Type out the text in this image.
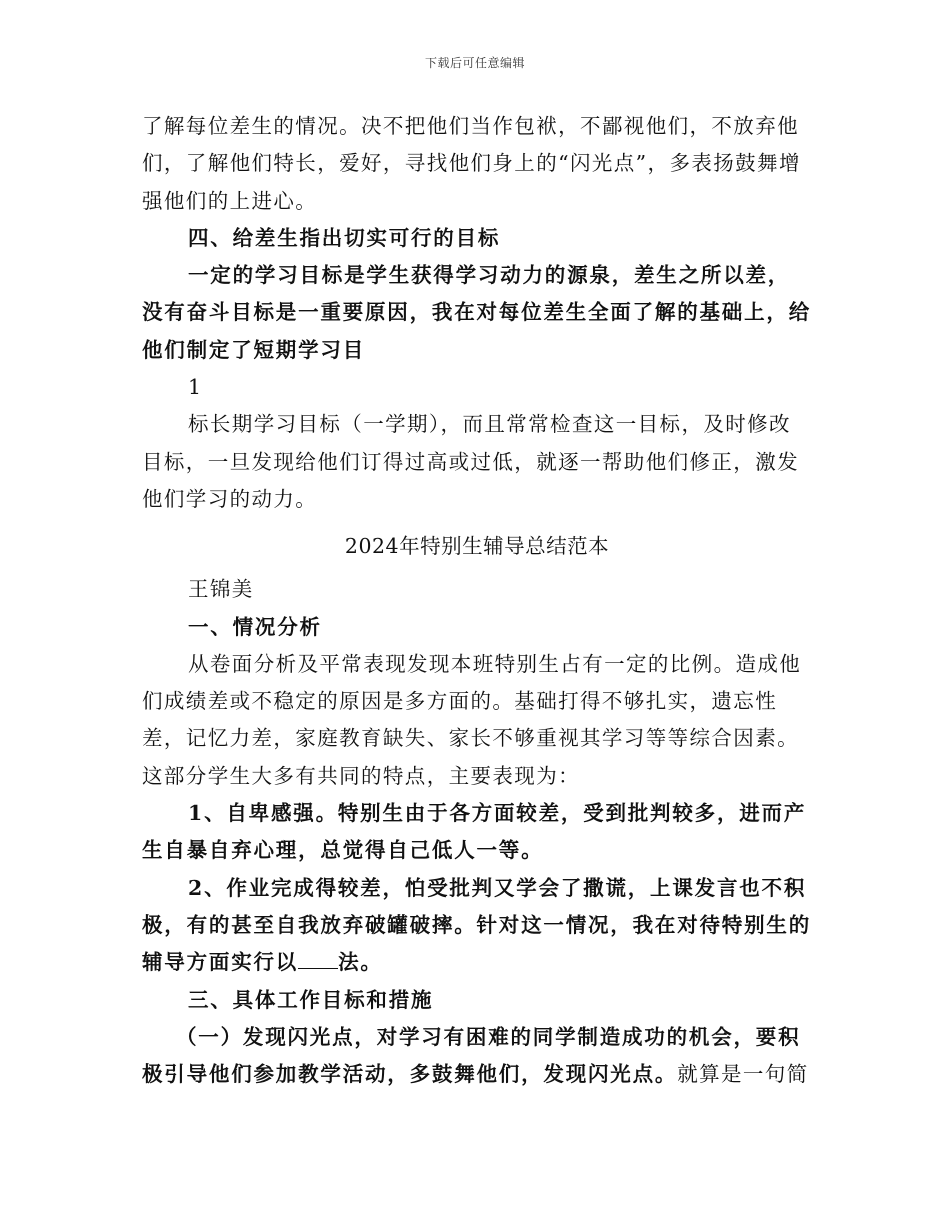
下载后可任意编辑

了解每位差生的情况。决不把他们当作包袱，不鄙视他们，不放弃他们，了解他们特长，爱好，寻找他们身上的“闪光点”，多表扬鼓舞增强他们的上进心。

四、给差生指出切实可行的目标

一定的学习目标是学生获得学习动力的源泉，差生之所以差，没有奋斗目标是一重要原因，我在对每位差生全面了解的基础上，给他们制定了短期学习目

1

标长期学习目标（一学期），而且常常检查这一目标，及时修改目标，一旦发现给他们订得过高或过低，就逐一帮助他们修正，激发他们学习的动力。

2024年特别生辅导总结范本

王锦美

一、情况分析

从卷面分析及平常表现发现本班特别生占有一定的比例。造成他们成绩差或不稳定的原因是多方面的。基础打得不够扎实，遗忘性差，记忆力差，家庭教育缺失、家长不够重视其学习等等综合因素。这部分学生大多有共同的特点，主要表现为：

1、自卑感强。特别生由于各方面较差，受到批判较多，进而产生自暴自弃心理，总觉得自己低人一等。

2、作业完成得较差，怕受批判又学会了撒谎，上课发言也不积极，有的甚至自我放弃破罐破摔。针对这一情况，我在对待特别生的辅导方面实行以 法。

三、具体工作目标和措施

（一）发现闪光点，对学习有困难的同学制造成功的机会，要积极引导他们参加教学活动，多鼓舞他们，发现闪光点。就算是一句简
